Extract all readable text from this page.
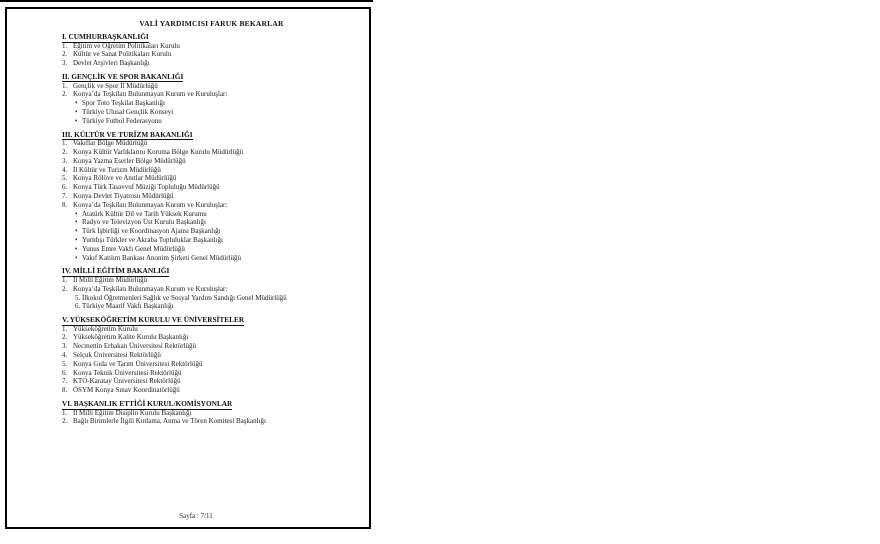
VALİ YARDIMCISI FARUK BEKARLAR
I. CUMHURBAŞKANLIĞI
1. Eğitim ve Öğretim Politikaları Kurulu
2. Kültür ve Sanat Politikaları Kurulu
3. Devlet Arşivleri Başkanlığı
II. GENÇLİK VE SPOR BAKANLIĞI
1. Gençlik ve Spor İl Müdürlüğü
2. Konya’da Teşkilatı Bulunmayan Kurum ve Kuruluşlar:
• Spor Toto Teşkilat Başkanlığı
• Türkiye Ulusal Gençlik Konseyi
• Türkiye Futbol Federasyonu
III. KÜLTÜR VE TURİZM BAKANLIĞI
1. Vakıflar Bölge Müdürlüğü
2. Konya Kültür Varlıklarını Koruma Bölge Kurulu Müdürlüğü
3. Konya Yazma Eserler Bölge Müdürlüğü
4. İl Kültür ve Turizm Müdürlüğü
5. Konya Rölöve ve Anıtlar Müdürlüğü
6. Konya Türk Tasavvuf Müziği Topluluğu Müdürlüğü
7. Konya Devlet Tiyatrosu Müdürlüğü
8. Konya’da Teşkilatı Bulunmayan Kurum ve Kuruluşlar:
• Atatürk Kültür Dil ve Tarih Yüksek Kurumu
• Radyo ve Televizyon Üst Kurulu Başkanlığı
• Türk İşbirliği ve Koordinasyon Ajansı Başkanlığı
• Yurtdışı Türkler ve Akraba Topluluklar Başkanlığı
• Yunus Emre Vakfı Genel Müdürlüğü
• Vakıf Katılım Bankası Anonim Şirketi Genel Müdürlüğü
IV. MİLLİ EĞİTİM BAKANLIĞI
1. İl Milli Eğitim Müdürlüğü
2. Konya’da Teşkilatı Bulunmayan Kurum ve Kuruluşlar:
5. İlkokul Öğretmenleri Sağlık ve Sosyal Yardım Sandığı Genel Müdürlüğü
6. Türkiye Maarif Vakfı Başkanlığı
V. YÜKSEKÖĞRETİM KURULU VE ÜNİVERSİTELER
1. Yükseköğretim Kurulu
2. Yükseköğretim Kalite Kurulu Başkanlığı
3. Necmettin Erbakan Üniversitesi Rektörlüğü
4. Selçuk Üniversitesi Rektörlüğü
5. Konya Gıda ve Tarım Üniversitesi Rektörlüğü
6. Konya Teknik Üniversitesi Rektörlüğü
7. KTO-Karatay Üniversitesi Rektörlüğü
8. ÖSYM Konya Sınav Koordinatörlüğü
VI. BAŞKANLIK ETTİĞİ KURUL/KOMİSYONLAR
1. İl Milli Eğitim Disiplin Kurulu Başkanlığı
2. Bağlı Birimlerle İlgili Kutlama, Anma ve Tören Komitesi Başkanlığı
Sayfa : 7/11
